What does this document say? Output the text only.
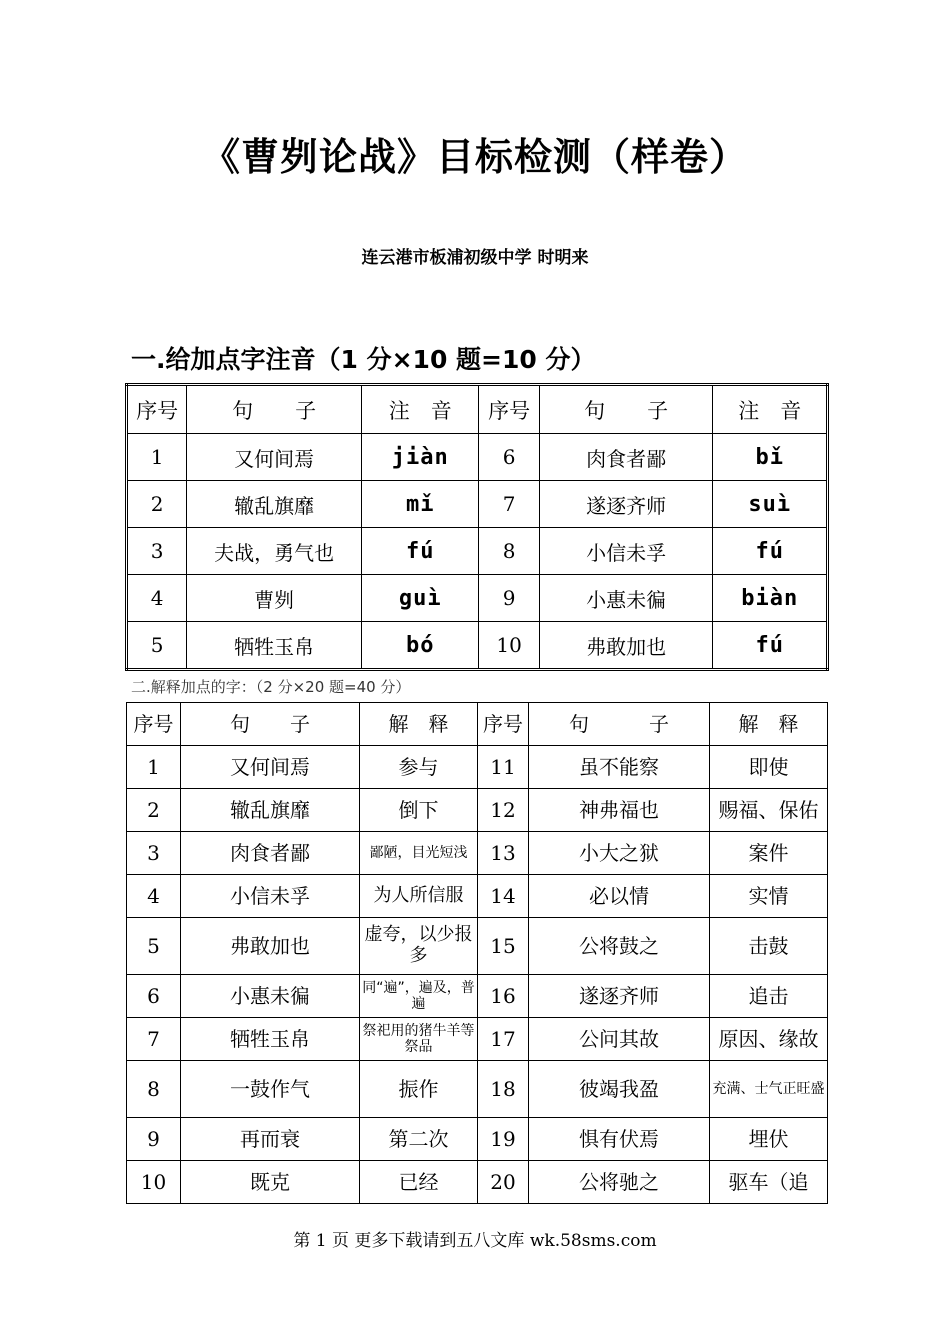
《曹刿论战》目标检测（样卷）
连云港市板浦初级中学 时明来
一.给加点字注音（1 分×10 题=10 分）
序号	句　　子	注　音	序号	句　　子	注　音
1	又何间焉	jiàn	6	肉食者鄙	bǐ
2	辙乱旗靡	mǐ	7	遂逐齐师	suì
3	夫战，勇气也	fú	8	小信未孚	fú
4	曹刿	guì	9	小惠未徧	biàn
5	牺牲玉帛	bó	10	弗敢加也	fú
二.解释加点的字：（2 分×20 题=40 分）
序号	句　　子	解　释	序号	句　　　子	解　释
1	又何间焉	参与	11	虽不能察	即使
2	辙乱旗靡	倒下	12	神弗福也	赐福、保佑
3	肉食者鄙	鄙陋，目光短浅	13	小大之狱	案件
4	小信未孚	为人所信服	14	必以情	实情
5	弗敢加也	虚夸，以少报多	15	公将鼓之	击鼓
6	小惠未徧	同“遍”，遍及，普遍	16	遂逐齐师	追击
7	牺牲玉帛	祭祀用的猪牛羊等祭品	17	公问其故	原因、缘故
8	一鼓作气	振作	18	彼竭我盈	充满、士气正旺盛
9	再而衰	第二次	19	惧有伏焉	埋伏
10	既克	已经	20	公将驰之	驱车（追
第 1 页 更多下载请到五八文库 wk.58sms.com
